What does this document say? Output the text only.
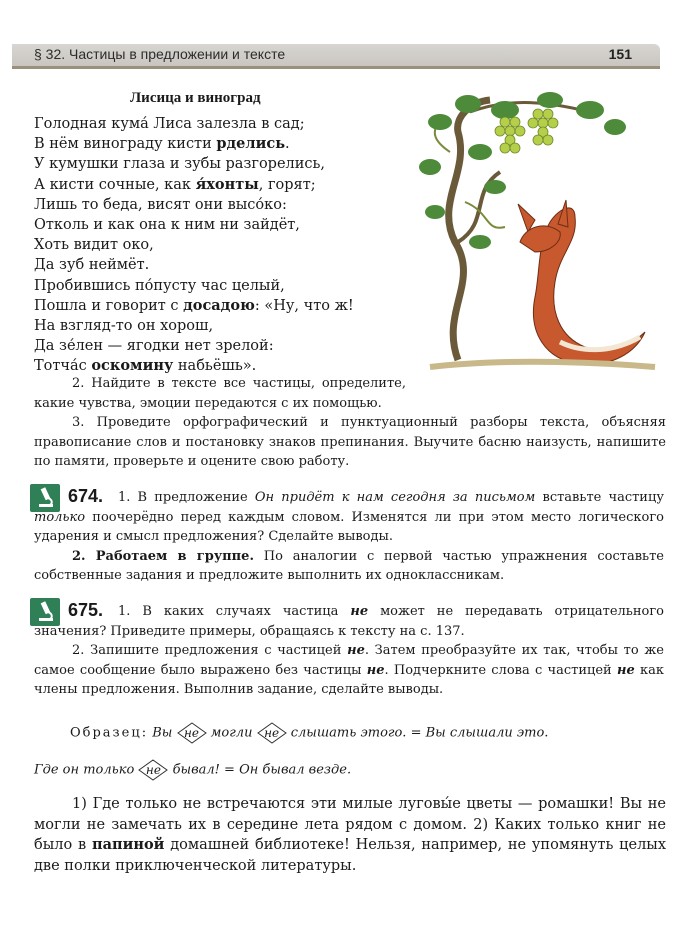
§ 32. Частицы в предложении и тексте	151
Лисица и виноград
Голодная кума́ Лиса залезла в сад;
В нём винограду кисти рделись.
У кумушки глаза и зубы разгорелись,
А кисти сочные, как я́хонты, горят;
Лишь то беда, висят они высо́ко:
Отколь и как она к ним ни зайдёт,
Хоть видит око,
Да зуб неймёт.
Пробившись по́пусту час целый,
Пошла и говорит с досадою: «Ну, что ж!
На взгляд-то он хорош,
Да зе́лен — ягодки нет зрелой:
Тотча́с оскомину набьёшь».

2. Найдите в тексте все частицы, определите, какие чувства, эмоции передаются с их помощью.

3. Проведите орфографический и пунктуационный разборы текста, объясняя правописание слов и постановку знаков препинания. Выучите басню наизусть, напишите по памяти, проверьте и оцените свою работу.

674.	1. В предложение Он придёт к нам сегодня за письмом вставьте частицу только поочерёдно перед каждым словом. Изменятся ли при этом место логического ударения и смысл предложения? Сделайте выводы.

2. Работаем в группе. По аналогии с первой частью упражнения составьте собственные задания и предложите выполнить их одноклассникам.

675.	1. В каких случаях частица не может не передавать отрицательного значения? Приведите примеры, обращаясь к тексту на с. 137.

2. Запишите предложения с частицей не. Затем преобразуйте их так, чтобы то же самое сообщение было выражено без частицы не. Подчеркните слова с частицей не как члены предложения. Выполнив задание, сделайте выводы.

Образец: Вы
не могли
не слышать этого. = Вы слышали это.
Где он только
не бывал! = Он бывал везде.

1) Где только не встречаются эти милые луговы́е цветы — ромашки! Вы не могли не замечать их в середине лета рядом с домом. 2) Каких только книг не было в папиной домашней библиотеке! Нельзя, например, не упомянуть целых две полки приключенческой литературы.
